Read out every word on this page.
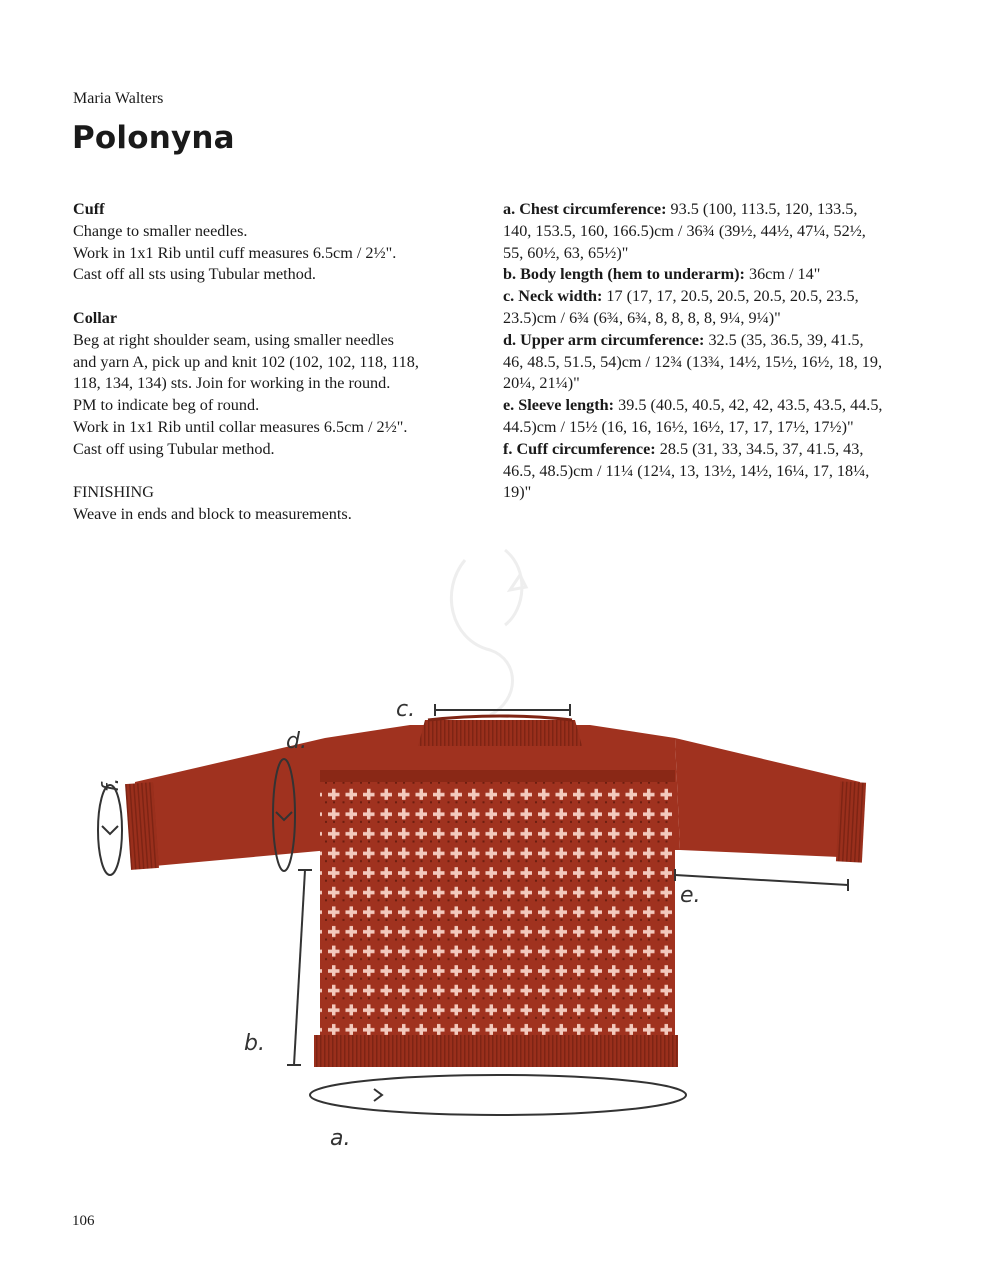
Maria Walters
Polonyna
Cuff
Change to smaller needles.
Work in 1x1 Rib until cuff measures 6.5cm / 2½".
Cast off all sts using Tubular method.
Collar
Beg at right shoulder seam, using smaller needles
and yarn A, pick up and knit 102 (102, 102, 118, 118,
118, 134, 134) sts. Join for working in the round.
PM to indicate beg of round.
Work in 1x1 Rib until collar measures 6.5cm / 2½".
Cast off using Tubular method.
FINISHING
Weave in ends and block to measurements.
a. Chest circumference: 93.5 (100, 113.5, 120, 133.5, 140, 153.5, 160, 166.5)cm / 36¾ (39½, 44½, 47¼, 52½, 55, 60½, 63, 65½)"
b. Body length (hem to underarm): 36cm / 14"
c. Neck width: 17 (17, 17, 20.5, 20.5, 20.5, 20.5, 23.5, 23.5)cm / 6¾ (6¾, 6¾, 8, 8, 8, 8, 9¼, 9¼)"
d. Upper arm circumference: 32.5 (35, 36.5, 39, 41.5, 46, 48.5, 51.5, 54)cm / 12¾ (13¾, 14½, 15½, 16½, 18, 19, 20¼, 21¼)"
e. Sleeve length: 39.5 (40.5, 40.5, 42, 42, 43.5, 43.5, 44.5, 44.5)cm / 15½ (16, 16, 16½, 16½, 17, 17, 17½, 17½)"
f. Cuff circumference: 28.5 (31, 33, 34.5, 37, 41.5, 43, 46.5, 48.5)cm / 11¼ (12¼, 13, 13½, 14½, 16¼, 17, 18¼, 19)"
c.
d.
f.
b.
e.
a.
106
